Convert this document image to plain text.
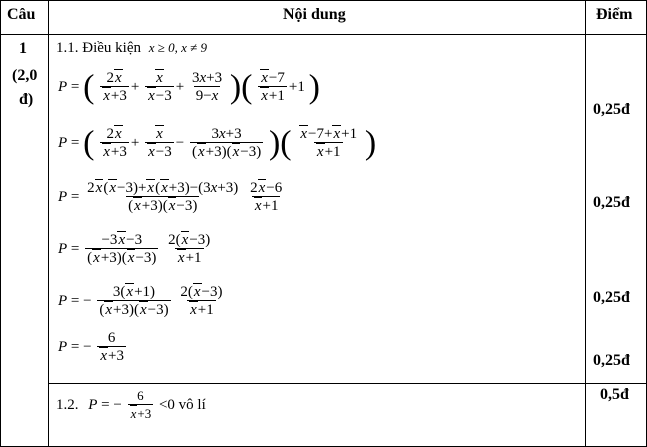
Câu	Nội dung	Điểm
1
(2,0
đ)
1.1. Điều kiện x ≥ 0, x ≠ 9
P = ( $\frac{2x}{x+3} + \frac{x}{x-3} + \frac{3x+3}{9-x}$ )( $\frac{x-7}{x+1} +1$ )
P = ( $\frac{2x}{x+3} + \frac{x}{x-3} - \frac{3x+3}{(x+3)(x-3)}$ )( $\frac{x-7+x+1}{x+1}$ )
$P = \frac{2x(x-3)+x(x+3)-(3x+3)}{(x+3)(x-3)}$
$\frac{2x-6}{x+1}$
$P = \frac{-3x-3}{(x+3)(x-3)}$
$\frac{2(x-3)}{x+1}$
P = − $\frac{3(x+1)}{(x+3)(x-3)}$
$\frac{2(x-3)}{x+1}$
P = − $\frac{6}{x+3}$
1.2. P = − $\frac{6}{x+3} <0$ vô lí
0,25đ
0,25đ
0,25đ
0,25đ
0,5đ
